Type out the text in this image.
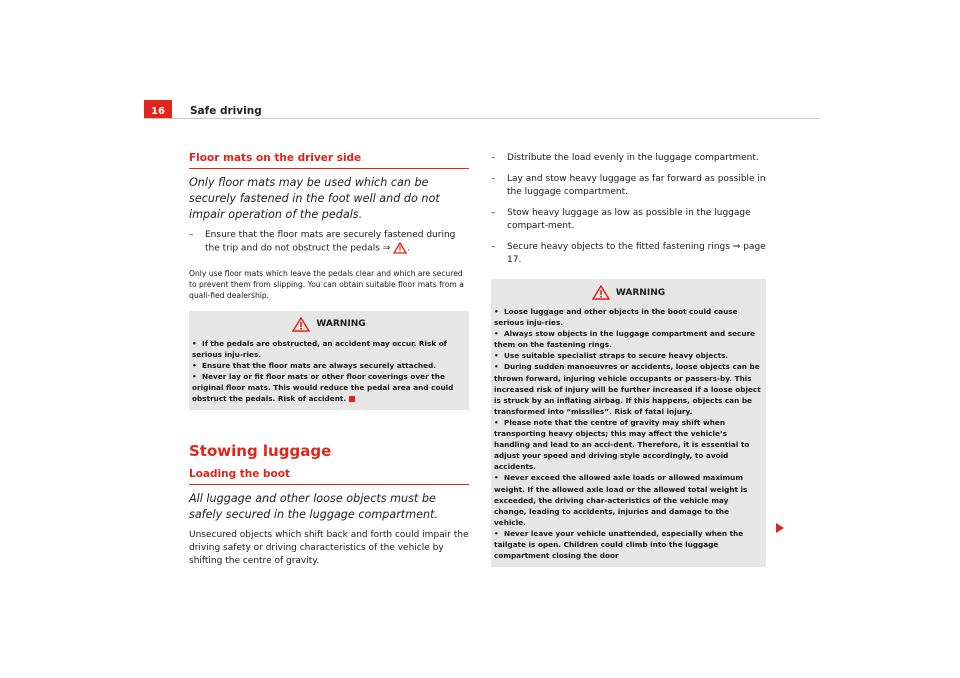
16	Safe driving
Floor mats on the driver side

Only floor mats may be used which can be securely fastened in the foot well and do not impair operation of the pedals.

– Ensure that the floor mats are securely fastened during the trip and do not obstruct the pedals ⇒ .

Only use floor mats which leave the pedals clear and which are secured to prevent them from slipping. You can obtain suitable floor mats from a quali-fied dealership.

WARNING

• If the pedals are obstructed, an accident may occur. Risk of serious inju-ries.

• Ensure that the floor mats are always securely attached.

• Never lay or fit floor mats or other floor coverings over the original floor mats. This would reduce the pedal area and could obstruct the pedals. Risk of accident.

Stowing luggage
Loading the boot

All luggage and other loose objects must be safely secured in the luggage compartment.

Unsecured objects which shift back and forth could impair the driving safety or driving characteristics of the vehicle by shifting the centre of gravity.

– Distribute the load evenly in the luggage compartment.

– Lay and stow heavy luggage as far forward as possible in the luggage compartment.

– Stow heavy luggage as low as possible in the luggage compart-ment.

– Secure heavy objects to the fitted fastening rings ⇒ page 17.

WARNING

• Loose luggage and other objects in the boot could cause serious inju-ries.

• Always stow objects in the luggage compartment and secure them on the fastening rings.

• Use suitable specialist straps to secure heavy objects.

• During sudden manoeuvres or accidents, loose objects can be thrown forward, injuring vehicle occupants or passers-by. This increased risk of injury will be further increased if a loose object is struck by an inflating airbag. If this happens, objects can be transformed into “missiles”. Risk of fatal injury.

• Please note that the centre of gravity may shift when transporting heavy objects; this may affect the vehicle’s handling and lead to an acci-dent. Therefore, it is essential to adjust your speed and driving style accordingly, to avoid accidents.

• Never exceed the allowed axle loads or allowed maximum weight. If the allowed axle load or the allowed total weight is exceeded, the driving char-acteristics of the vehicle may change, leading to accidents, injuries and damage to the vehicle.

• Never leave your vehicle unattended, especially when the tailgate is open. Children could climb into the luggage compartment closing the door
